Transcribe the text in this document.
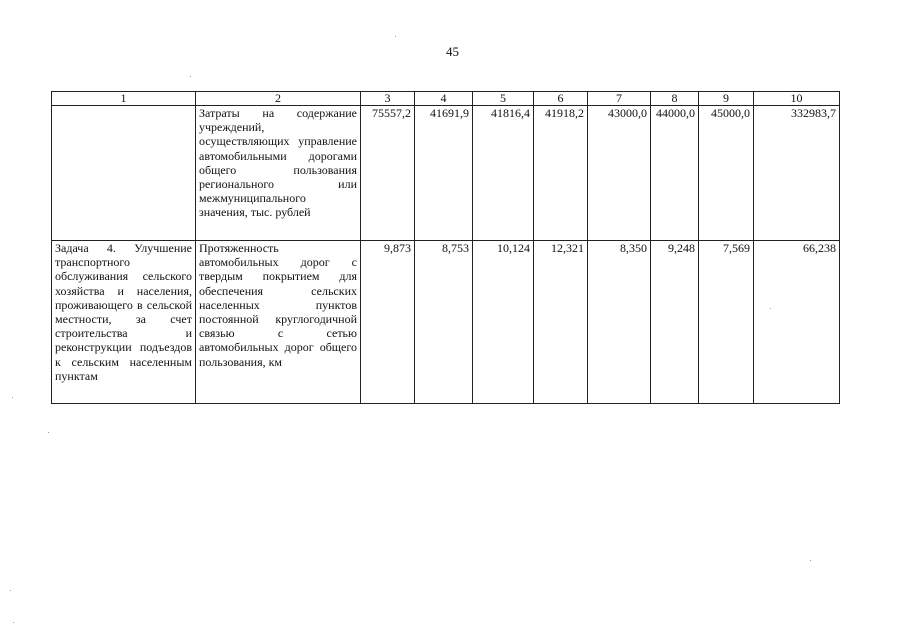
45
1	2	3	4	5	6	7	8	9	10
	Затраты на содержание учреждений, осуществляющих управление автомобильными дорогами общего пользования регионального или межмуниципального значения, тыс. рублей	75557,2	41691,9	41816,4	41918,2	43000,0	44000,0	45000,0	332983,7
Задача 4. Улучшение транспортного обслуживания сельского хозяйства и населения, проживающего в сельской местности, за счет строительства и реконструкции подъездов к сельским населенным пунктам	Протяженность автомобильных дорог с твердым покрытием для обеспечения сельских населенных пунктов постоянной круглогодичной связью с сетью автомобильных дорог общего пользования, км	9,873	8,753	10,124	12,321	8,350	9,248	7,569	66,238
